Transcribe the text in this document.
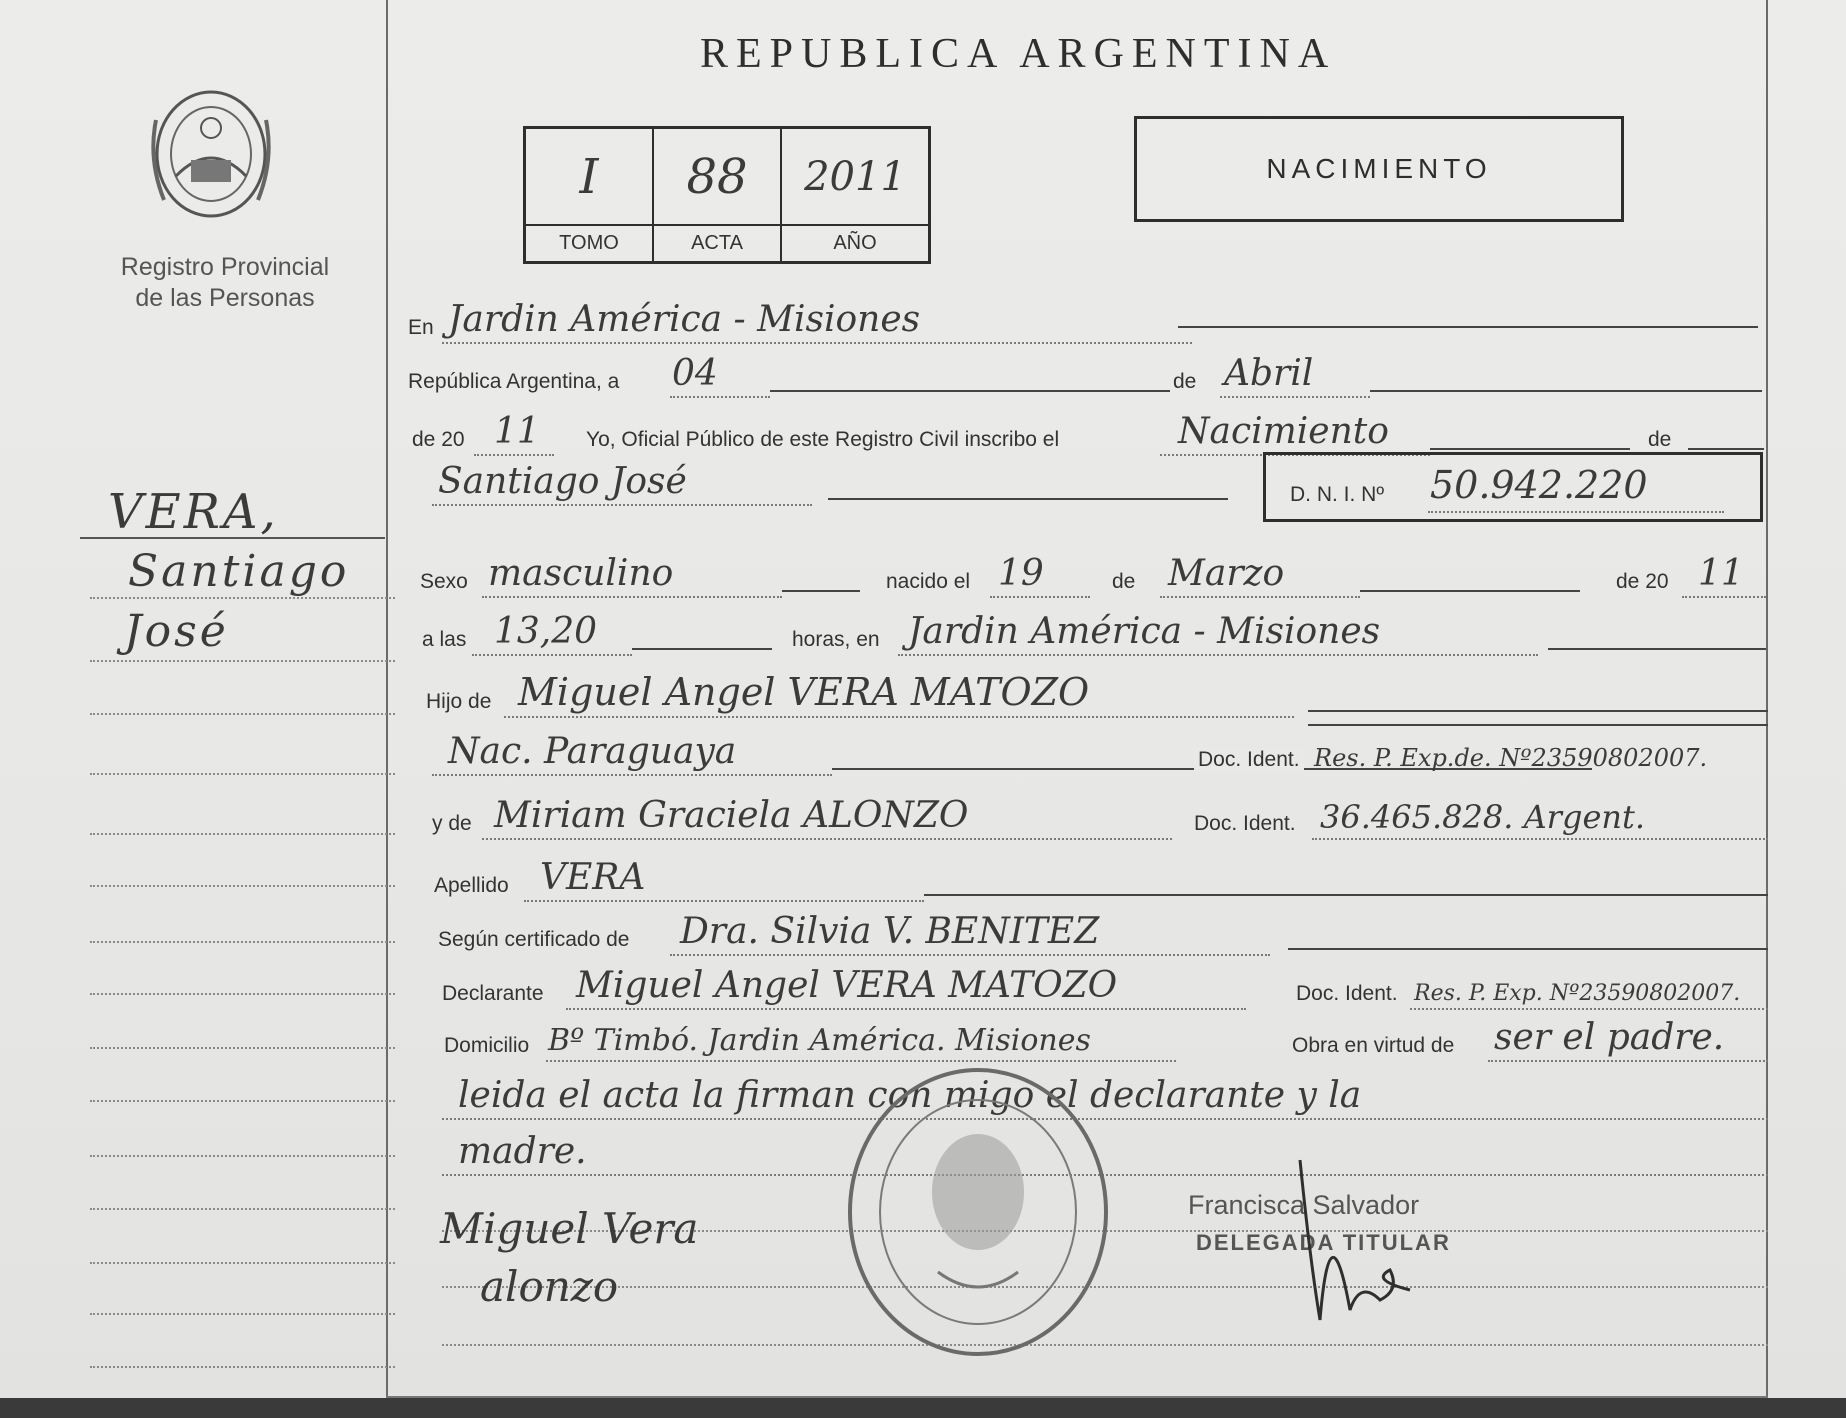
Registro Provincial
de las Personas
VERA,
Santiago
José
REPUBLICA ARGENTINA
I	88	2011
TOMO	ACTA	AÑO
NACIMIENTO
En Jardin América - Misiones
República Argentina, a 04	de Abril
de 20 11 Yo, Oficial Público de este Registro Civil inscribo el	Nacimiento	de
Santiago José	D. N. I. Nº 50.942.220
Sexo masculino	nacido el 19	de Marzo	de 20 11
a las 13,20	horas, en Jardin América - Misiones
Hijo de Miguel Angel VERA MATOZO
Nac. Paraguaya	Doc. Ident. Res. P. Exp.de. Nº23590802007.
y de Miriam Graciela ALONZO	Doc. Ident. 36.465.828. Argent.
Apellido VERA
Según certificado de Dra. Silvia V. BENITEZ
Declarante Miguel Angel VERA MATOZO	Doc. Ident. Res. P. Exp. Nº23590802007.
Domicilio Bº Timbó. Jardin América. Misiones	Obra en virtud de ser el padre.
leida el acta la firman con migo el declarante y la
madre.
Miguel Vera
alonzo
Francisca Salvador
DELEGADA TITULAR
